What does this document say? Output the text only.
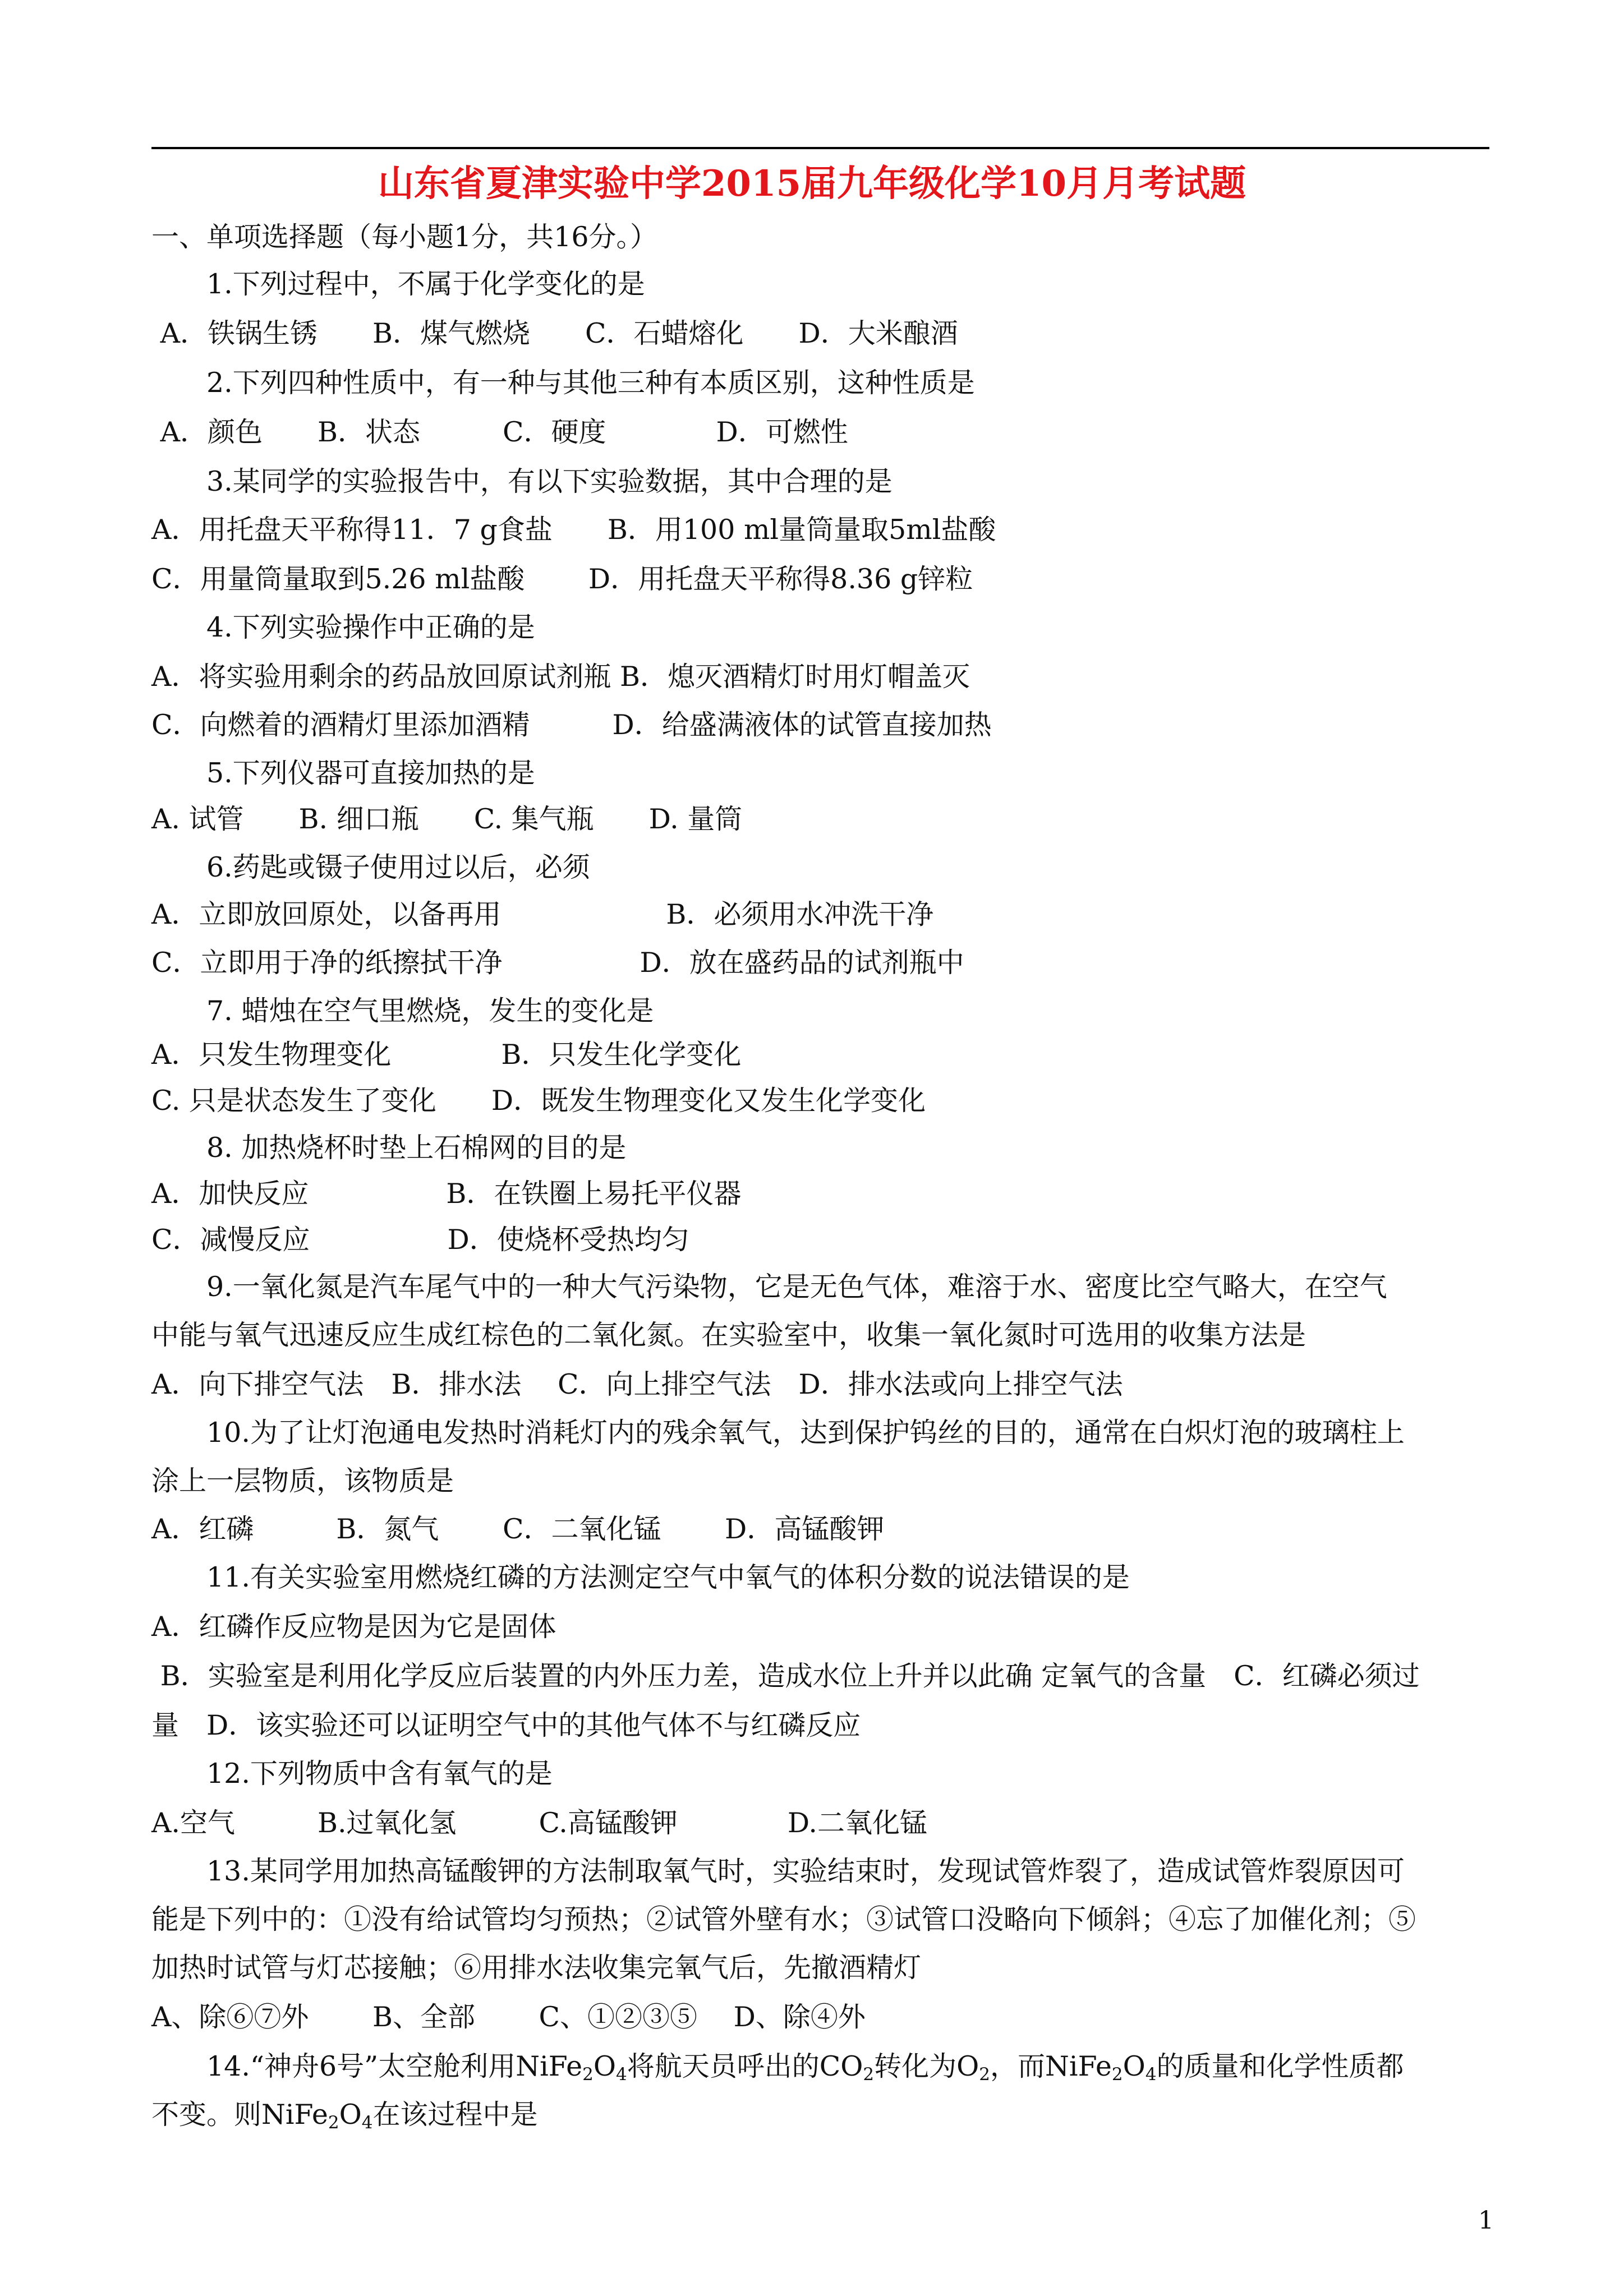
山东省夏津实验中学2015届九年级化学10月月考试题

一、单项选择题（每小题1分，共16分。）

　　1.下列过程中，不属于化学变化的是

A．铁锅生锈　　B．煤气燃烧　　C．石蜡熔化　　D．大米酿酒

　　2.下列四种性质中，有一种与其他三种有本质区别，这种性质是

A．颜色　　B．状态　　　C．硬度　　　　D．可燃性

　　3.某同学的实验报告中，有以下实验数据，其中合理的是

A．用托盘天平称得11．7 g食盐　　B．用100 ml量筒量取5ml盐酸

C．用量筒量取到5.26 ml盐酸　　 D．用托盘天平称得8.36 g锌粒

　　4.下列实验操作中正确的是

A．将实验用剩余的药品放回原试剂瓶 B．熄灭酒精灯时用灯帽盖灭

C．向燃着的酒精灯里添加酒精　　　D．给盛满液体的试管直接加热

　　5.下列仪器可直接加热的是

A. 试管　　B. 细口瓶　　C. 集气瓶　　D. 量筒

　　6.药匙或镊子使用过以后，必须

A．立即放回原处，以备再用　　　　　　B．必须用水冲洗干净

C．立即用于净的纸擦拭干净　　　　　D．放在盛药品的试剂瓶中

　　7. 蜡烛在空气里燃烧，发生的变化是

A．只发生物理变化　　　　B．只发生化学变化

C. 只是状态发生了变化　　D．既发生物理变化又发生化学变化

　　8. 加热烧杯时垫上石棉网的目的是

A．加快反应　　　　　B．在铁圈上易托平仪器

C．减慢反应　　　　　D．使烧杯受热均匀

　　9.一氧化氮是汽车尾气中的一种大气污染物，它是无色气体，难溶于水、密度比空气略大，在空气

中能与氧气迅速反应生成红棕色的二氧化氮。在实验室中，收集一氧化氮时可选用的收集方法是

A．向下排空气法　B．排水法　 C．向上排空气法　D．排水法或向上排空气法

　　10.为了让灯泡通电发热时消耗灯内的残余氧气，达到保护钨丝的目的，通常在白炽灯泡的玻璃柱上

涂上一层物质，该物质是

A．红磷　　　B．氮气　　 C．二氧化锰　　 D．高锰酸钾

　　11.有关实验室用燃烧红磷的方法测定空气中氧气的体积分数的说法错误的是

A．红磷作反应物是因为它是固体

B．实验室是利用化学反应后装置的内外压力差，造成水位上升并以此确 定氧气的含量　C．红磷必须过

量　D．该实验还可以证明空气中的其他气体不与红磷反应

　　12.下列物质中含有氧气的是

A.空气　　　B.过氧化氢　　　C.高锰酸钾　　　　D.二氧化锰

　　13.某同学用加热高锰酸钾的方法制取氧气时，实验结束时，发现试管炸裂了，造成试管炸裂原因可

能是下列中的：①没有给试管均匀预热；②试管外壁有水；③试管口没略向下倾斜；④忘了加催化剂；⑤

加热时试管与灯芯接触；⑥用排水法收集完氧气后，先撤酒精灯

A、除⑥⑦外　　 B、全部　　 C、①②③⑤　 D、除④外

　　14.“神舟6号”太空舱利用$NiFe_2O_4$将航天员呼出的$CO_2$转化为$O_2$，而$NiFe_2O_4$的质量和化学性质都

不变。则$NiFe_2O_4$在该过程中是

1
